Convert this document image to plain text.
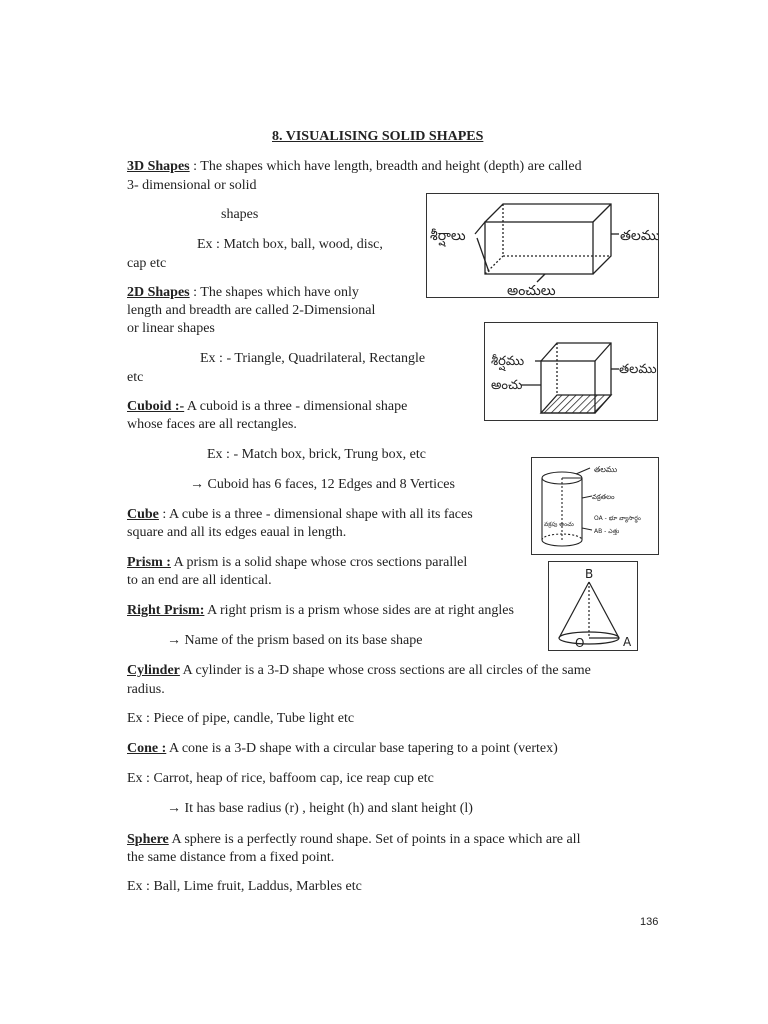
8. VISUALISING SOLID SHAPES
3D Shapes : The shapes which have length, breadth and height (depth) are called
3- dimensional or solid
shapes
Ex : Match box, ball, wood, disc,
cap etc
2D Shapes : The shapes which have only
length and breadth are called 2-Dimensional
or linear shapes
Ex : - Triangle, Quadrilateral, Rectangle
etc
Cuboid :- A cuboid is a three - dimensional shape
whose faces are all rectangles.
Ex : - Match box, brick, Trung box, etc
→ Cuboid has 6 faces, 12 Edges and 8 Vertices
Cube : A cube is a three - dimensional shape with all its faces
square and all its edges eaual in length.
Prism : A prism is a solid shape whose cros sections parallel
to an end are all identical.
Right Prism: A right prism is a prism whose sides are at right angles
→ Name of the prism based on its base shape
Cylinder A cylinder is a 3-D shape whose cross sections are all circles of the same
radius.
Ex : Piece of pipe, candle, Tube light etc
Cone : A cone is a 3-D shape with a circular base tapering to a point (vertex)
Ex : Carrot, heap of rice, baffoom cap, ice reap cup etc
→ It has base radius (r) , height (h) and slant height (l)
Sphere A sphere is a perfectly round shape. Set of points in a space which are all
the same distance from a fixed point.
Ex : Ball, Lime fruit, Laddus, Marbles etc
శీర్షాలు	తలము
అంచులు
శీర్షము
అంచు
తలము
తలము
వక్రతలం
OA - భూ వ్యాసార్థం
AB - ఎత్తు
వక్రపు అంచు
B
O	A
136
